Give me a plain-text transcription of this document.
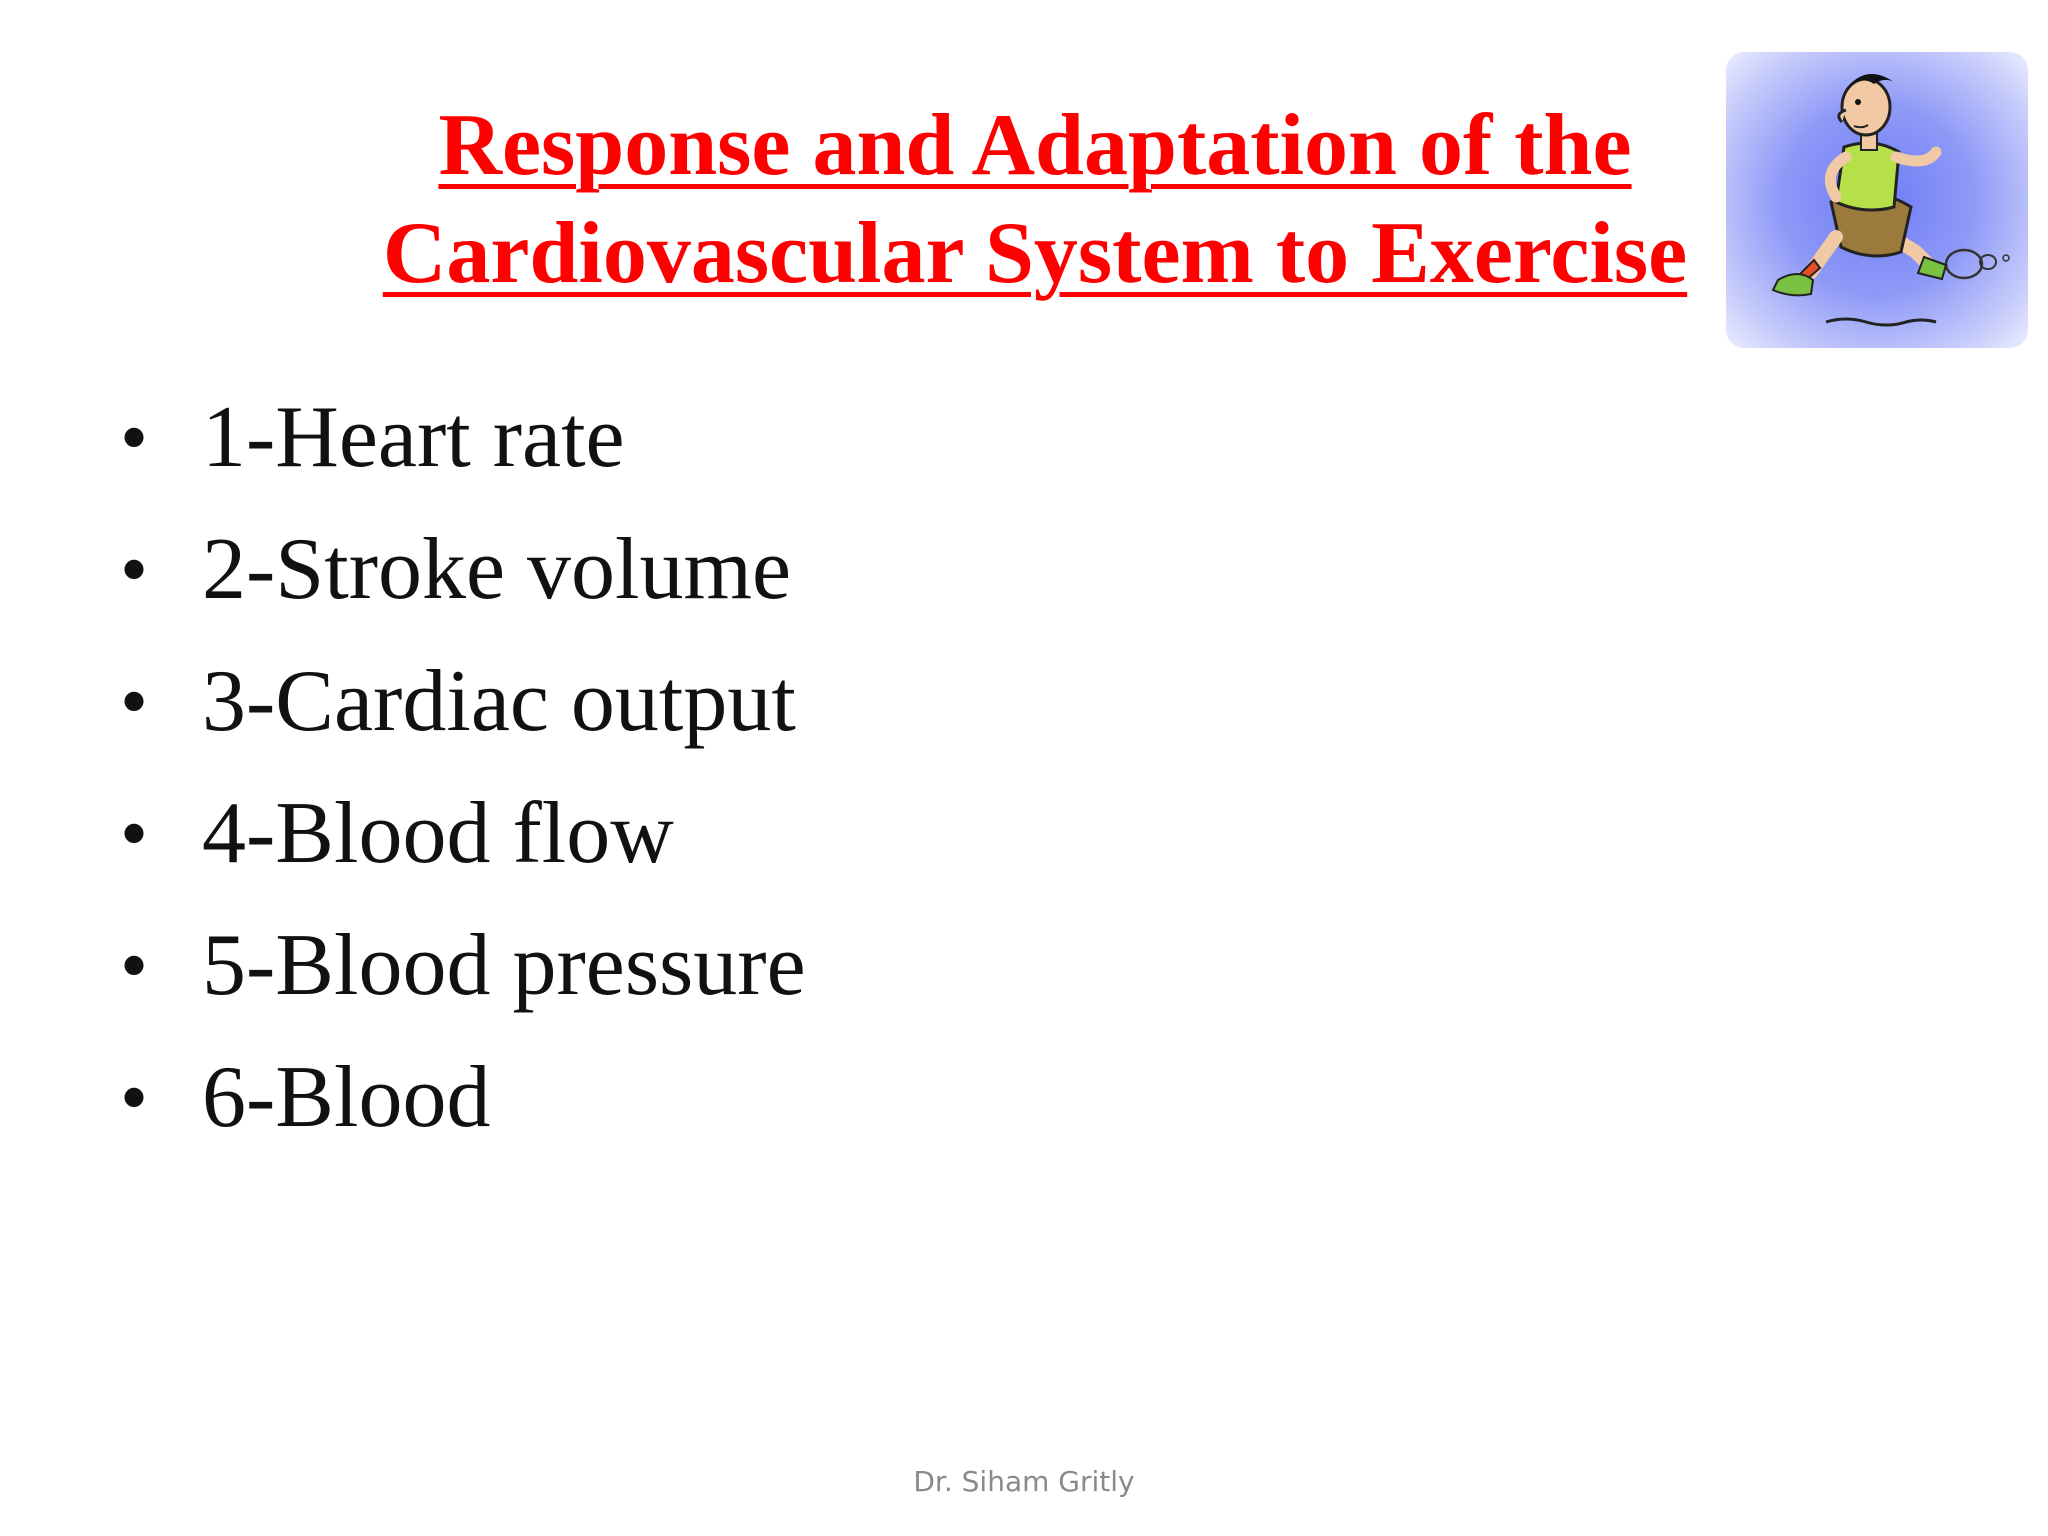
Response and Adaptation of the
Cardiovascular System to Exercise
• 1-Heart rate
• 2-Stroke volume
• 3-Cardiac output
• 4-Blood flow
• 5-Blood pressure
• 6-Blood
Dr. Siham Gritly
